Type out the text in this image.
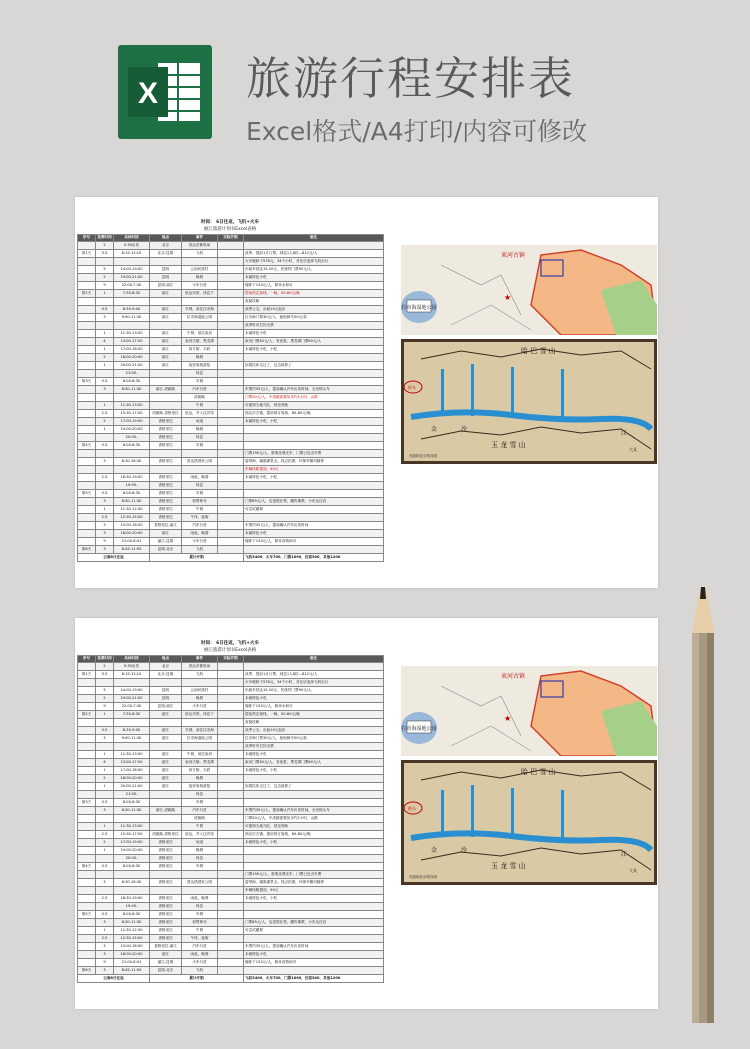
X 旅游行程安排表
Excel格式/A4打印/内容可修改
时间： 6日往返，飞机+火车
丽江旅游计划书Excel表格
序号	花费时间	具体时段	地点	事件	实际开销	备注
	2	5:30出发	北京	抵达首都机场		
第1天	3.5	8:15-13:10	北京-昆明	飞机		淡季，提前1月订票，到昆1人8折—812元/人
						火车硬卧下578元，34个小时，对比后选择飞机出行
	5	14:00-19:00	昆明	云南民族村		出租车抵达15-20元，民族村门票90元/人
	2	19:00-21:00	昆明	晚餐		本地特色小吃
	9	22:00-7:30	昆明-丽江	火车行进		硬卧下153元/人，简单水和可
第2天	1	7:30-8:30	丽江	抵达宾馆，休息下		提前预定客栈，一晚，50-80元/晚
						查阅攻略
	0.5	8:30-9:00	丽江	早餐，前往拉市海		淡季公交，出租10元起步
	3	9:00-11:30	丽江	拉市海湿地公园		拉市海门票30元/人，租船骑马50元/条
						淡季时有打折出票
	1	11:30-13:00	丽江	午餐，前往束河		本地特色小吃
	4	13:00-17:00	丽江	束河古镇，黑龙潭		束河门票40元/人，有优惠，黑龙潭门票60元/人
	1	17:00-18:00	丽江	四方街，木府		本地特色小吃，小吃
	2	18:00-20:00	丽江	晚餐		
	1	20:00-21:00	丽江	夜里客栈游览		如果挂体走过了，这边就算了
		21:00-		休息		
第3天	0.5	8:00-8:30		早餐		
	3	8:30-11:30	丽江-虎跳峡	汽车行进		车票约35元/人，提前确认汽车出发时间，全至桥头车
				虎跳峡		门票50元/人，中虎跳需要徒步约1小时，山路
	1	11:30-13:00		午餐		可雇佣当地马匹，抵至虎峡
	2.5	15:30-17:00	虎跳峡-香格里拉	抵达，并入住宾馆		独克宗古镇，提前预订客栈，60-80元/晚
	2	17:00-19:00	香格里拉	闲逛		本地特色小吃，小吃
	1	19:00-20:00	香格里拉	晚餐		
		20:00-	香格里拉	休息		
第4天	0.5	8:00-8:30	香格里拉	早餐		
						门票190元/人，需乘坐观光车，门票已包含车费
	3	8:30-16:30	香格里拉	普达措国家公园		碧塔海，属都湖景点。抓点拍照，环保车随叫随停
						车辆线路提前，50元
	2.5	16:30-19:00	香格里拉	闲逛，晚餐		本地特色小吃，小吃
		19:00-	香格里拉	休息		
第5天	0.5	8:00-8:30	香格里拉	早餐		
	3	8:30-11:30	香格里拉	松赞林寺		门票85元/人，也是很壮观，藏传佛教，小布达拉宫
	1	11:30-12:30	香格里拉	午餐		可尝试藏餐
	2.5	12:30-15:00	香格里拉	午休，逛街		
	3	15:00-18:00	香格里拉-丽江	汽车行进		车票约35元/人，提前确认汽车出发时间
	3	18:00-20:00	丽江	闲逛，晚餐		本地特色小吃
	9	21:00-6:01	丽江-昆明	火车行进		硬卧下153元/人，简单食物和可
第6天	3	8:45-11:55	昆明-北京	飞机		
云南6日往返			累计开销			飞机3400，火车700，门票1090，住宿300，其他1200
拉市海湿地公园
束河古镇
★
哈 巴 雪 山
玉 龙 雪 山
金	沙
江
大具
桥头
虎跳峡徒步路线图
时间： 6日往返，飞机+火车
丽江旅游计划书Excel表格
序号	花费时间	具体时段	地点	事件	实际开销	备注
	2	5:30出发	北京	抵达首都机场		
第1天	3.5	8:15-13:10	北京-昆明	飞机		淡季，提前1月订票，到昆1人8折—812元/人
						火车硬卧下578元，34个小时，对比后选择飞机出行
	5	14:00-19:00	昆明	云南民族村		出租车抵达15-20元，民族村门票90元/人
	2	19:00-21:00	昆明	晚餐		本地特色小吃
	9	22:00-7:30	昆明-丽江	火车行进		硬卧下153元/人，简单水和可
第2天	1	7:30-8:30	丽江	抵达宾馆，休息下		提前预定客栈，一晚，50-80元/晚
						查阅攻略
	0.5	8:30-9:00	丽江	早餐，前往拉市海		淡季公交，出租10元起步
	3	9:00-11:30	丽江	拉市海湿地公园		拉市海门票30元/人，租船骑马50元/条
						淡季时有打折出票
	1	11:30-13:00	丽江	午餐，前往束河		本地特色小吃
	4	13:00-17:00	丽江	束河古镇，黑龙潭		束河门票40元/人，有优惠，黑龙潭门票60元/人
	1	17:00-18:00	丽江	四方街，木府		本地特色小吃，小吃
	2	18:00-20:00	丽江	晚餐		
	1	20:00-21:00	丽江	夜里客栈游览		如果挂体走过了，这边就算了
		21:00-		休息		
第3天	0.5	8:00-8:30		早餐		
	3	8:30-11:30	丽江-虎跳峡	汽车行进		车票约35元/人，提前确认汽车出发时间，全至桥头车
				虎跳峡		门票50元/人，中虎跳需要徒步约1小时，山路
	1	11:30-13:00		午餐		可雇佣当地马匹，抵至虎峡
	2.5	15:30-17:00	虎跳峡-香格里拉	抵达，并入住宾馆		独克宗古镇，提前预订客栈，60-80元/晚
	2	17:00-19:00	香格里拉	闲逛		本地特色小吃，小吃
	1	19:00-20:00	香格里拉	晚餐		
		20:00-	香格里拉	休息		
第4天	0.5	8:00-8:30	香格里拉	早餐		
						门票190元/人，需乘坐观光车，门票已包含车费
	3	8:30-16:30	香格里拉	普达措国家公园		碧塔海，属都湖景点。抓点拍照，环保车随叫随停
						车辆线路提前，50元
	2.5	16:30-19:00	香格里拉	闲逛，晚餐		本地特色小吃，小吃
		19:00-	香格里拉	休息		
第5天	0.5	8:00-8:30	香格里拉	早餐		
	3	8:30-11:30	香格里拉	松赞林寺		门票85元/人，也是很壮观，藏传佛教，小布达拉宫
	1	11:30-12:30	香格里拉	午餐		可尝试藏餐
	2.5	12:30-15:00	香格里拉	午休，逛街		
	3	15:00-18:00	香格里拉-丽江	汽车行进		车票约35元/人，提前确认汽车出发时间
	3	18:00-20:00	丽江	闲逛，晚餐		本地特色小吃
	9	21:00-6:01	丽江-昆明	火车行进		硬卧下153元/人，简单食物和可
第6天	3	8:45-11:55	昆明-北京	飞机		
云南6日往返			累计开销			飞机3400，火车700，门票1090，住宿300，其他1200
拉市海湿地公园
束河古镇
★
哈 巴 雪 山
玉 龙 雪 山
金	沙
江
大具
桥头
虎跳峡徒步路线图
